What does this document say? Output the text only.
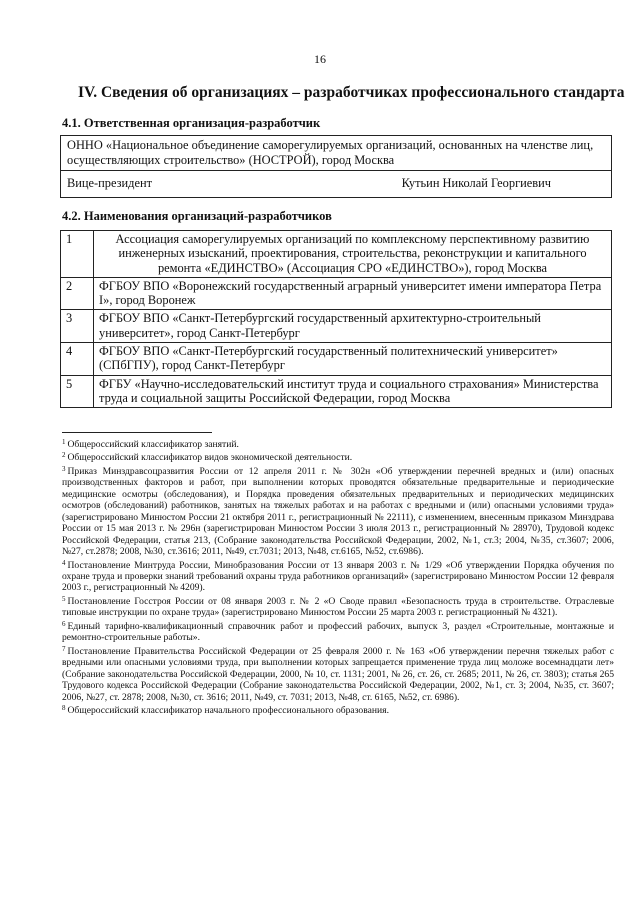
16
IV. Сведения об организациях – разработчиках профессионального стандарта
4.1. Ответственная организация-разработчик
ОННО «Национальное объединение саморегулируемых организаций, основанных на членстве лиц, осуществляющих строительство» (НОСТРОЙ), город Москва
Вице-президент	Кутьин Николай Георгиевич
4.2. Наименования организаций-разработчиков
1	Ассоциация саморегулируемых организаций по комплексному перспективному развитию инженерных изысканий, проектирования, строительства, реконструкции и капитального ремонта «ЕДИНСТВО» (Ассоциация СРО «ЕДИНСТВО»), город Москва
2	ФГБОУ ВПО «Воронежский государственный аграрный университет имени императора Петра I», город Воронеж
3	ФГБОУ ВПО «Санкт-Петербургский государственный архитектурно-строительный университет», город Санкт-Петербург
4	ФГБОУ ВПО «Санкт-Петербургский государственный политехнический университет» (СПбГПУ), город Санкт-Петербург
5	ФГБУ «Научно-исследовательский институт труда и социального страхования» Министерства труда и социальной защиты Российской Федерации, город Москва

$^1$ Общероссийский классификатор занятий.

$^2$ Общероссийский классификатор видов экономической деятельности.

$^3$ Приказ Минздравсоцразвития России от 12 апреля 2011 г. № 302н «Об утверждении перечней вредных и (или) опасных производственных факторов и работ, при выполнении которых проводятся обязательные предварительные и периодические медицинские осмотры (обследования), и Порядка проведения обязательных предварительных и периодических медицинских осмотров (обследований) работников, занятых на тяжелых работах и на работах с вредными и (или) опасными условиями труда» (зарегистрировано Минюстом России 21 октября 2011 г., регистрационный № 22111), с изменением, внесенным приказом Минздрава России от 15 мая 2013 г. № 296н (зарегистрирован Минюстом России 3 июля 2013 г., регистрационный № 28970), Трудовой кодекс Российской Федерации, статья 213, (Собрание законодательства Российской Федерации, 2002, №1, ст.3; 2004, №35, ст.3607; 2006, №27, ст.2878; 2008, №30, ст.3616; 2011, №49, ст.7031; 2013, №48, ст.6165, №52, ст.6986).

$^4$ Постановление Минтруда России, Минобразования России от 13 января 2003 г. № 1/29 «Об утверждении Порядка обучения по охране труда и проверки знаний требований охраны труда работников организаций» (зарегистрировано Минюстом России 12 февраля 2003 г., регистрационный № 4209).

$^5$ Постановление Госстроя России от 08 января 2003 г. № 2 «О Своде правил «Безопасность труда в строительстве. Отраслевые типовые инструкции по охране труда» (зарегистрировано Минюстом России 25 марта 2003 г. регистрационный № 4321).

$^6$ Единый тарифно-квалификационный справочник работ и профессий рабочих, выпуск 3, раздел «Строительные, монтажные и ремонтно-строительные работы».

$^7$ Постановление Правительства Российской Федерации от 25 февраля 2000 г. № 163 «Об утверждении перечня тяжелых работ с вредными или опасными условиями труда, при выполнении которых запрещается применение труда лиц моложе восемнадцати лет» (Собрание законодательства Российской Федерации, 2000, № 10, ст. 1131; 2001, № 26, ст. 26, ст. 2685; 2011, № 26, ст. 3803); статья 265 Трудового кодекса Российской Федерации (Собрание законодательства Российской Федерации, 2002, №1, ст. 3; 2004, №35, ст. 3607; 2006, №27, ст. 2878; 2008, №30, ст. 3616; 2011, №49, ст. 7031; 2013, №48, ст. 6165, №52, ст. 6986).

$^8$ Общероссийский классификатор начального профессионального образования.
